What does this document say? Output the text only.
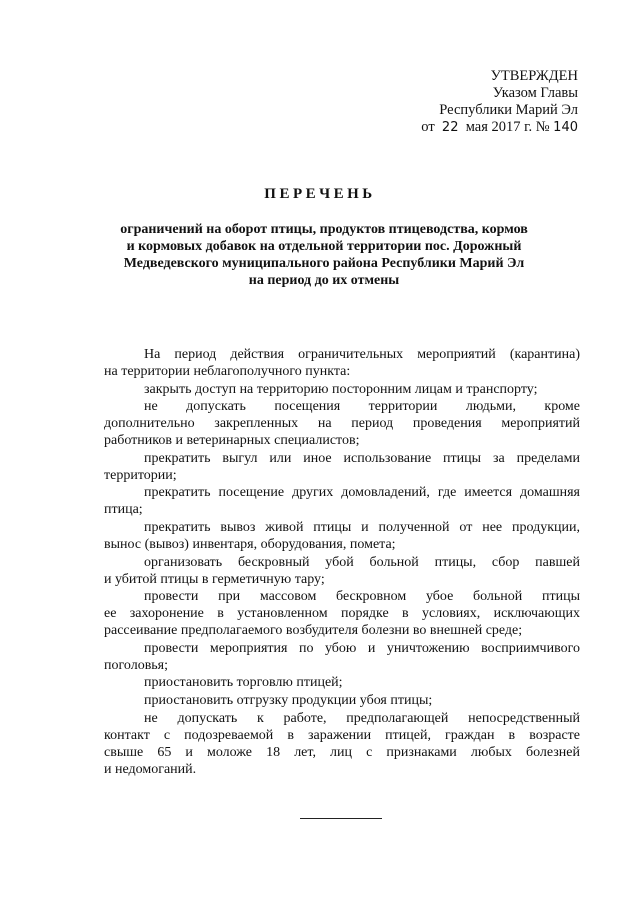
УТВЕРЖДЕН
Указом Главы
Республики Марий Эл
от 22 мая 2017 г. № 140
ПЕРЕЧЕНЬ
ограничений на оборот птицы, продуктов птицеводства, кормов
и кормовых добавок на отдельной территории пос. Дорожный
Медведевского муниципального района Республики Марий Эл
на период до их отмены
На период действия ограничительных мероприятий (карантина)
на территории неблагополучного пункта:
закрыть доступ на территорию посторонним лицам и транспорту;
не допускать посещения территории людьми, кроме
дополнительно закрепленных на период проведения мероприятий
работников и ветеринарных специалистов;
прекратить выгул или иное использование птицы за пределами
территории;
прекратить посещение других домовладений, где имеется домашняя
птица;
прекратить вывоз живой птицы и полученной от нее продукции,
вынос (вывоз) инвентаря, оборудования, помета;
организовать бескровный убой больной птицы, сбор павшей
и убитой птицы в герметичную тару;
провести при массовом бескровном убое больной птицы
ее захоронение в установленном порядке в условиях, исключающих
рассеивание предполагаемого возбудителя болезни во внешней среде;
провести мероприятия по убою и уничтожению восприимчивого
поголовья;
приостановить торговлю птицей;
приостановить отгрузку продукции убоя птицы;
не допускать к работе, предполагающей непосредственный
контакт с подозреваемой в заражении птицей, граждан в возрасте
свыше 65 и моложе 18 лет, лиц с признаками любых болезней
и недомоганий.
